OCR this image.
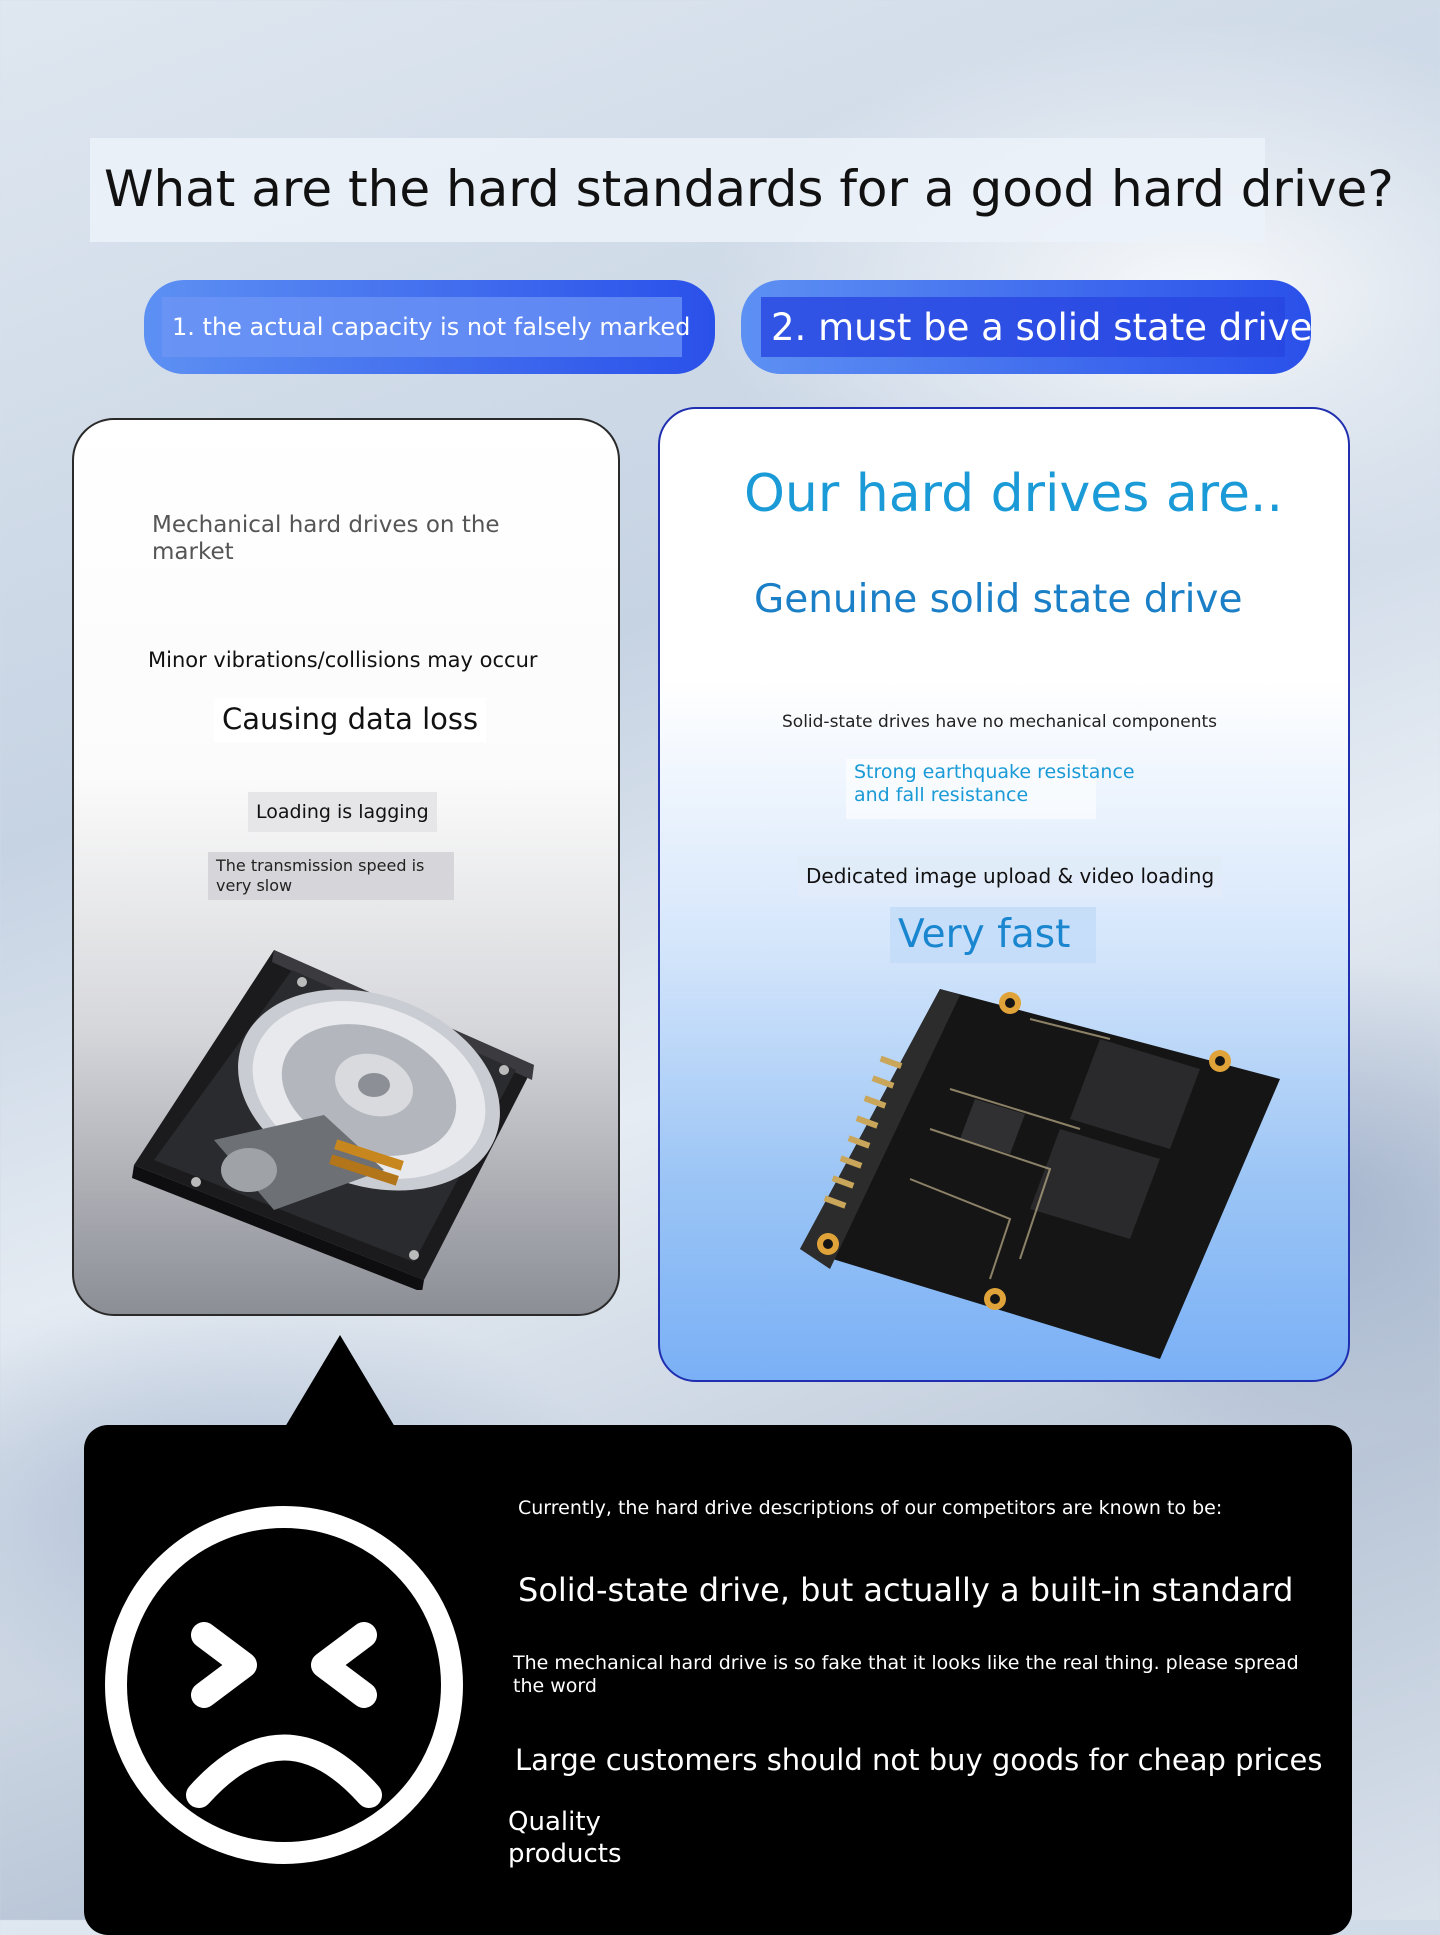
What are the hard standards for a good hard drive?
1. the actual capacity is not falsely marked 2. must be a solid state drive
Mechanical hard drives on the market
Minor vibrations/collisions may occur
Causing data loss
Loading is lagging
The transmission speed is very slow
Our hard drives are..
Genuine solid state drive
Solid-state drives have no mechanical components
Strong earthquake resistance
and fall resistance
Dedicated image upload & video loading
Very fast
Currently, the hard drive descriptions of our competitors are known to be:
Solid-state drive, but actually a built-in standard
The mechanical hard drive is so fake that it looks like the real thing. please spread
the word
Large customers should not buy goods for cheap prices
Quality
products
